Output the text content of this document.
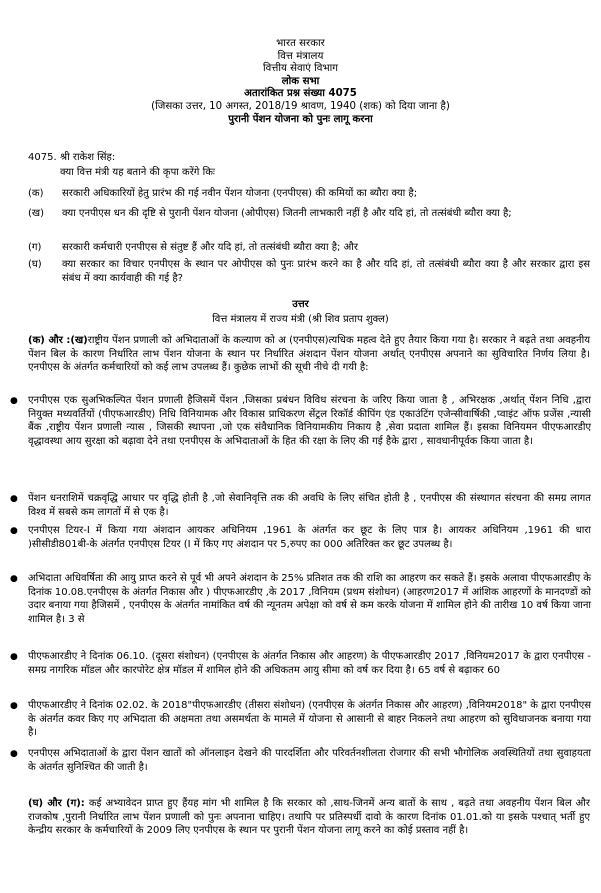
भारत सरकार
वित्त मंत्रालय
वित्तीय सेवाएं विभाग
लोक सभा
अतारांकित प्रश्न संख्या 4075
(जिसका उत्तर, 10 अगस्त, 2018/19 श्रावण, 1940 (शक) को दिया जाना है)
पुरानी पेंशन योजना को पुनः लागू करना
4075. श्री राकेश सिंह:
क्या वित्त मंत्री यह बताने की कृपा करेंगे किः
(क) सरकारी अधिकारियों हेतु प्रारंभ की गई नवीन पेंशन योजना (एनपीएस) की कमियों का ब्यौरा क्या है;
(ख) क्या एनपीएस धन की दृष्टि से पुरानी पेंशन योजना (ओपीएस) जितनी लाभकारी नहीं है और यदि हां, तो तत्संबंधी ब्यौरा क्या है;
(ग) सरकारी कर्मचारी एनपीएस से संतुष्ट हैं और यदि हां, तो तत्संबंधी ब्यौरा क्या है; और
(घ) क्या सरकार का विचार एनपीएस के स्थान पर ओपीएस को पुनः प्रारंभ करने का है और यदि हां, तो तत्संबंधी ब्यौरा क्या है और सरकार द्वारा इस संबंध में क्या कार्यवाही की गई है?
उत्तर
वित्त मंत्रालय में राज्य मंत्री (श्री शिव प्रताप शुक्ल)
(क) और :(ख)राष्ट्रीय पेंशन प्रणाली को अभिदाताओं के कल्याण को अ (एनपीएस)त्यधिक महत्व देते हुए तैयार किया गया है। सरकार ने बढ़ते तथा अवहनीय पेंशन बिल के कारण निर्धारित लाभ पेंशन योजना के स्थान पर निर्धारित अंशदान पेंशन योजना अर्थात् एनपीएस अपनाने का सुविचारित निर्णय लिया है। एनपीएस के अंतर्गत कर्मचारियों को कई लाभ उपलब्ध हैं। कुछेक लाभों की सूची नीचे दी गयी है:
● एनपीएस एक सुअभिकल्पित पेंशन प्रणाली हैजिसमें पेंशन ,जिसका प्रबंधन विविध संरचना के जरिए किया जाता है , अभिरक्षक ,अर्थात् पेंशन निधि ,द्वारा नियुक्त मध्यवर्तियों (पीएफआरडीए) निधि विनियामक और विकास प्राधिकरण सेंट्रल रिकॉर्ड कीपिंग एंड एकाउंटिंग एजेन्सीवार्षिकी ,प्वाइंट ऑफ प्रजेंस ,न्यासी बैंक ,राष्ट्रीय पेंशन प्रणाली न्यास , जिसकी स्थापना ,जो एक संवैधानिक विनियामकीय निकाय है ,सेवा प्रदाता शामिल हैं। इसका विनियमन पीएफआरडीए वृद्धावस्था आय सुरक्षा को बढ़ावा देने तथा एनपीएस के अभिदाताओं के हित की रक्षा के लिए की गई हैके द्वारा , सावधानीपूर्वक किया जाता है।
● पेंशन धनराशिमें चक्रवृद्धि आधार पर वृद्धि होती है ,जो सेवानिवृत्ति तक की अवधि के लिए संचित होती है , एनपीएस की संस्थागत संरचना की समग्र लागत विश्व में सबसे कम लागतों में से एक है।
● एनपीएस टियर-I में किया गया अंशदान आयकर अधिनियम ,1961 के अंतर्गत कर छूट के लिए पात्र है। आयकर अधिनियम ,1961 की धारा )सीसीडी801बी-के अंतर्गत एनपीएस टियर (I में किए गए अंशदान पर 5,रुपए का 000 अतिरिक्त कर छूट उपलब्ध है।
● अभिदाता अधिवर्षिता की आयु प्राप्त करने से पूर्व भी अपने अंशदान के 25% प्रतिशत तक की राशि का आहरण कर सकते हैं। इसके अलावा पीएफआरडीए के दिनांक 10.08.एनपीएस के अंतर्गत निकास और ) पीएफआरडीए ,के 2017 ,विनियम (प्रथम संशोधन) (आहरण2017 में आंशिक आहरणों के मानदण्डों को उदार बनाया गया हैजिसमें , एनपीएस के अंतर्गत नामांकित वर्ष की न्यूनतम अपेक्षा को वर्ष से कम करके योजना में शामिल होने की तारीख 10 वर्ष किया जाना शामिल है। 3 से
● पीएफआरडीए ने दिनांक 06.10. (दूसरा संशोधन) (एनपीएस के अंतर्गत निकास और आहरण) के पीएफआरडीए 2017 ,विनियम2017 के द्वारा एनपीएस - समग्र नागरिक मॉडल और कारपोरेट क्षेत्र मॉडल में शामिल होने की अधिकतम आयु सीमा को वर्ष कर दिया है। 65 वर्ष से बढ़ाकर 60
● पीएफआरडीए ने दिनांक 02.02. के 2018"पीएफआरडीए (तीसरा संशोधन) (एनपीएस के अंतर्गत निकास और आहरण) ,विनियम2018" के द्वारा एनपीएस के अंतर्गत कवर किए गए अभिदाता की अक्षमता तथा असमर्थता के मामले में योजना से आसानी से बाहर निकलने तथा आहरण को सुविधाजनक बनाया गया है।
● एनपीएस अभिदाताओं के द्वारा पेंशन खातों को ऑनलाइन देखने की पारदर्शिता और परिवर्तनशीलता रोजगार की सभी भौगोलिक अवस्थितियों तथा सुवाहयता के अंतर्गत सुनिश्चित की जाती है।
(घ) और (ग): कई अभ्यावेदन प्राप्त हुए हैंयह मांग भी शामिल है कि सरकार को ,साथ-जिनमें अन्य बातों के साथ , बढ़ते तथा अवहनीय पेंशन बिल और राजकोष ,पुरानी निर्धारित लाभ पेंशन प्रणाली को पुनः अपनाना चाहिए। तथापि पर प्रतिस्पर्धी दावो के कारण दिनांक 01.01.को या इसके पश्चात् भर्ती हुए केन्द्रीय सरकार के कर्मचारियों के 2009 लिए एनपीएस के स्थान पर पुरानी पेंशन योजना लागू करने का कोई प्रस्ताव नहीं है।
